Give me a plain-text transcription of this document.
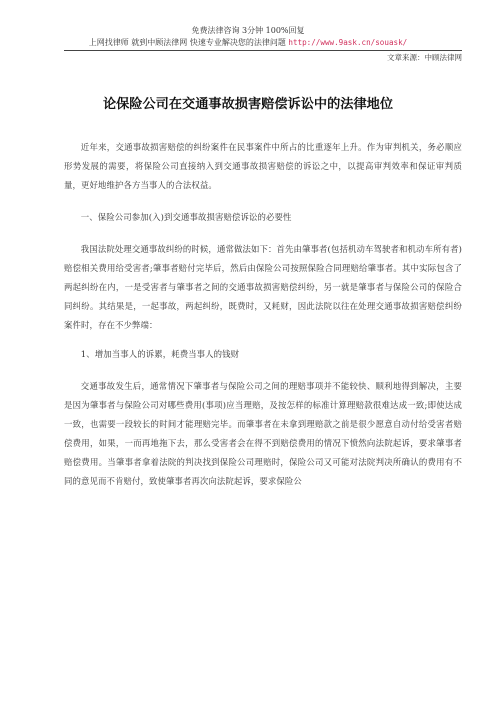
免费法律咨询 3分钟 100%回复
上网找律师 就到中顾法律网 快速专业解决您的法律问题 http://www.9ask.cn/souask/
文章来源：中顾法律网
论保险公司在交通事故损害赔偿诉讼中的法律地位

近年来，交通事故损害赔偿的纠纷案件在民事案件中所占的比重逐年上升。作为审判机关，务必顺应形势发展的需要，将保险公司直接纳入到交通事故损害赔偿的诉讼之中，以提高审判效率和保证审判质量，更好地维护各方当事人的合法权益。

一、保险公司参加(入)到交通事故损害赔偿诉讼的必要性

我国法院处理交通事故纠纷的时候，通常做法如下：首先由肇事者(包括机动车驾驶者和机动车所有者)赔偿相关费用给受害者;肇事者赔付完毕后，然后由保险公司按照保险合同理赔给肇事者。其中实际包含了两起纠纷在内，一是受害者与肇事者之间的交通事故损害赔偿纠纷，另一就是肇事者与保险公司的保险合同纠纷。其结果是，一起事故，两起纠纷，既费时，又耗财，因此法院以往在处理交通事故损害赔偿纠纷案件时，存在不少弊端：

1、增加当事人的诉累，耗费当事人的钱财

交通事故发生后，通常情况下肇事者与保险公司之间的理赔事项并不能较快、顺利地得到解决，主要是因为肇事者与保险公司对哪些费用(事项)应当理赔，及按怎样的标准计算理赔款很难达成一致;即使达成一致，也需要一段较长的时间才能理赔完毕。而肇事者在未拿到理赔款之前是很少愿意自动付给受害者赔偿费用，如果，一而再地拖下去，那么受害者会在得不到赔偿费用的情况下愤然向法院起诉，要求肇事者赔偿费用。当肇事者拿着法院的判决找到保险公司理赔时，保险公司又可能对法院判决所确认的费用有不同的意见而不肯赔付，致使肇事者再次向法院起诉，要求保险公
